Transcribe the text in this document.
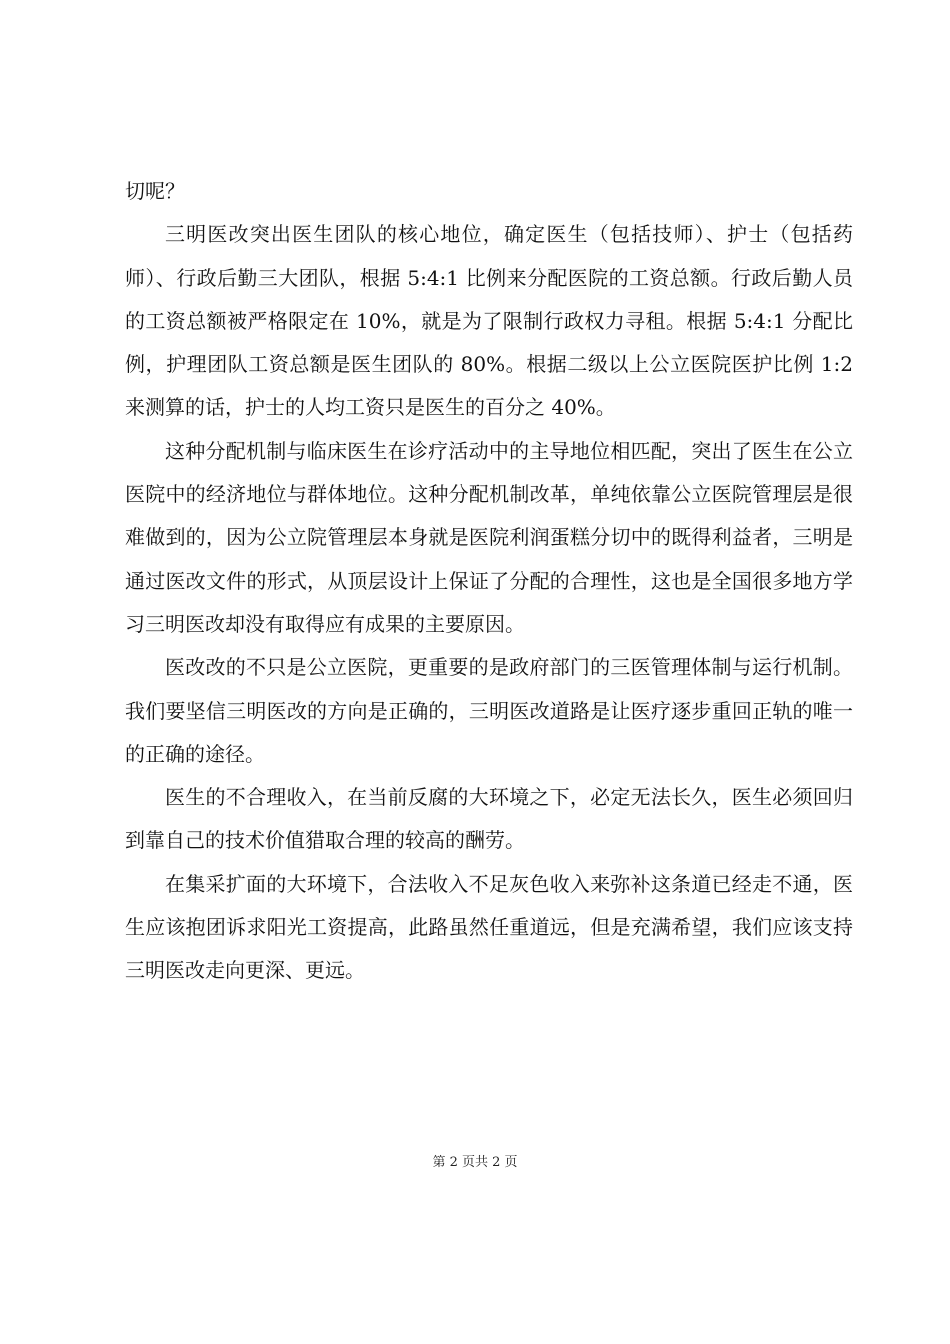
切呢？

三明医改突出医生团队的核心地位，确定医生（包括技师）、护士（包括药师）、行政后勤三大团队，根据 5:4:1 比例来分配医院的工资总额。行政后勤人员的工资总额被严格限定在 10%，就是为了限制行政权力寻租。根据 5:4:1 分配比例，护理团队工资总额是医生团队的 80%。根据二级以上公立医院医护比例 1:2 来测算的话，护士的人均工资只是医生的百分之 40%。

这种分配机制与临床医生在诊疗活动中的主导地位相匹配，突出了医生在公立医院中的经济地位与群体地位。这种分配机制改革，单纯依靠公立医院管理层是很难做到的，因为公立院管理层本身就是医院利润蛋糕分切中的既得利益者，三明是通过医改文件的形式，从顶层设计上保证了分配的合理性，这也是全国很多地方学习三明医改却没有取得应有成果的主要原因。

医改改的不只是公立医院，更重要的是政府部门的三医管理体制与运行机制。我们要坚信三明医改的方向是正确的，三明医改道路是让医疗逐步重回正轨的唯一的正确的途径。

医生的不合理收入，在当前反腐的大环境之下，必定无法长久，医生必须回归到靠自己的技术价值猎取合理的较高的酬劳。

在集采扩面的大环境下，合法收入不足灰色收入来弥补这条道已经走不通，医生应该抱团诉求阳光工资提高，此路虽然任重道远，但是充满希望，我们应该支持三明医改走向更深、更远。

第 2 页共 2 页
